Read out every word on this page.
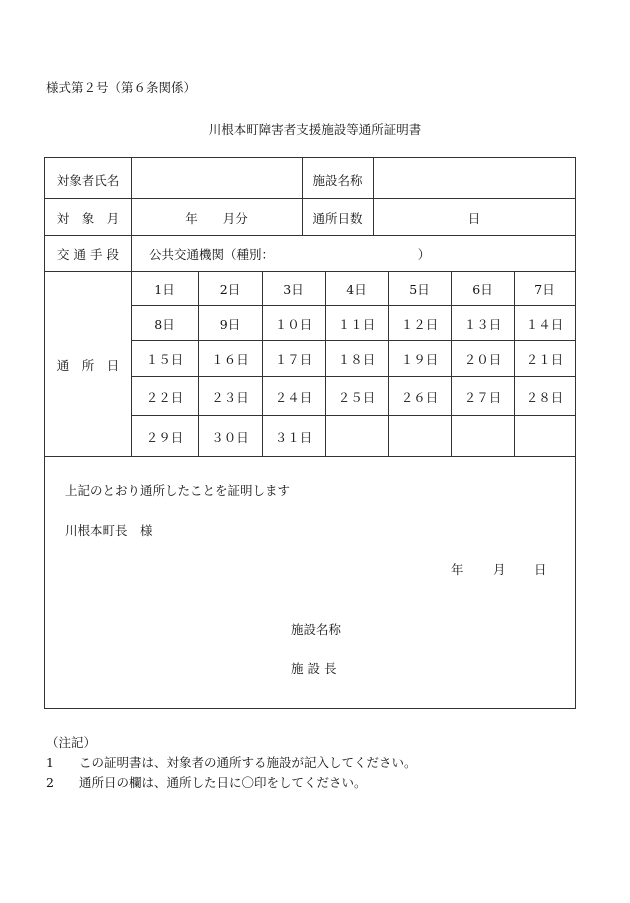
様式第２号（第６条関係）
川根本町障害者支援施設等通所証明書
対象者氏名	施設名称
対　象　月	年　　月分	通所日数	日
交 通 手 段	公共交通機関（種別：　　　　　　　　　　　　）
通　所　日
1日	2日	3日	4日	5日	6日	7日
8日	9日	１０日	１１日	１２日	１３日	１４日
１５日	１６日	１７日	１８日	１９日	２０日	２１日
２２日	２３日	２４日	２５日	２６日	２７日	２８日
２９日	３０日	３１日
上記のとおり通所したことを証明します
川根本町長　様
年 月 日
施設名称
施 設 長
（注記）
1　　この証明書は、対象者の通所する施設が記入してください。
2　　通所日の欄は、通所した日に〇印をしてください。
